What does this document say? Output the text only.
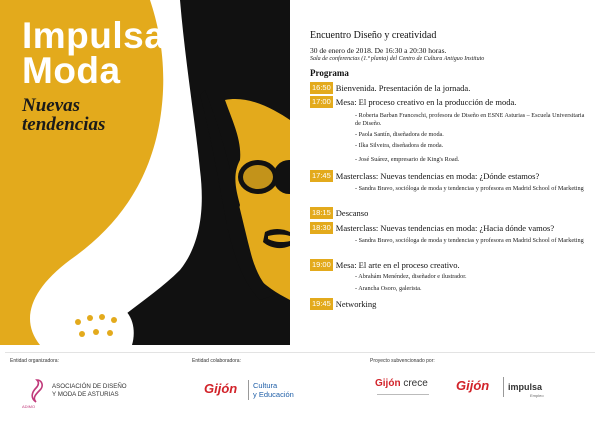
Impulsa
Moda
Nuevas
tendencias
Encuentro Diseño y creatividad
30 de enero de 2018. De 16:30 a 20:30 horas.
Sala de conferencias (1.ª planta) del Centro de Cultura Antiguo Instituto
Programa
16:50 Bienvenida. Presentación de la jornada.
17:00 Mesa: El proceso creativo en la producción de moda.
- Roberta Barban Franceschi, profesora de Diseño en ESNE Asturias – Escuela Universitaria de Diseño.
- Paola Santín, diseñadora de moda.
- Ilka Silveira, diseñadora de moda.
- José Suárez, empresario de King's Road.
17:45 Masterclass: Nuevas tendencias en moda: ¿Dónde estamos?
- Sandra Bravo, socióloga de moda y tendencias y profesora en Madrid School of Marketing
18:15 Descanso
18:30 Masterclass: Nuevas tendencias en moda: ¿Hacia dónde vamos?
- Sandra Bravo, socióloga de moda y tendencias y profesora en Madrid School of Marketing
19:00 Mesa: El arte en el proceso creativo.
- Abrahám Menéndez, diseñador e ilustrador.
- Arancha Osoro, galerista.
19:45 Networking
Entidad organizadora:	Entidad colaboradora:	Proyecto subvencionado por:
ADIMO
ASOCIACIÓN DE DISEÑO
Y MODA DE ASTURIAS	Gijón Cultura
y Educación
Gijón crece Gijón impulsa
Empleo
